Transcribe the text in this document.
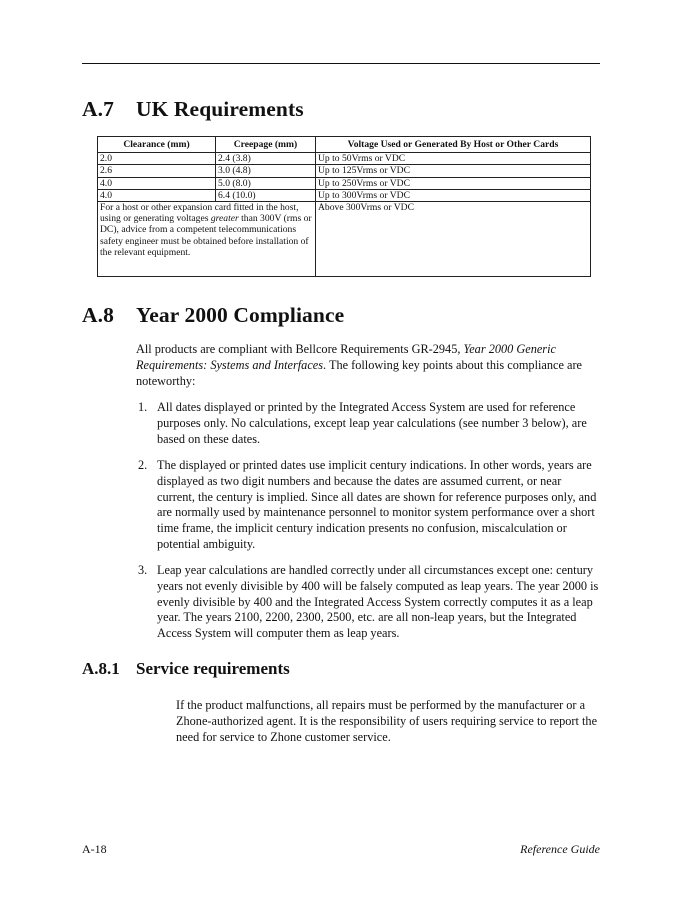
A.7 UK Requirements
Clearance (mm)	Creepage (mm)	Voltage Used or Generated By Host or Other Cards
2.0	2.4 (3.8)	Up to 50Vrms or VDC
2.6	3.0 (4.8)	Up to 125Vrms or VDC
4.0	5.0 (8.0)	Up to 250Vrms or VDC
4.0	6.4 (10.0)	Up to 300Vrms or VDC
For a host or other expansion card fitted in the host, using or generating voltages greater than 300V (rms or DC), advice from a competent telecommunications safety engineer must be obtained before installation of the relevant equipment.		Above 300Vrms or VDC
A.8 Year 2000 Compliance
All products are compliant with Bellcore Requirements GR-2945, Year 2000 Generic Requirements: Systems and Interfaces. The following key points about this compliance are noteworthy:
1. All dates displayed or printed by the Integrated Access System are used for reference purposes only. No calculations, except leap year calculations (see number 3 below), are based on these dates.
2. The displayed or printed dates use implicit century indications. In other words, years are displayed as two digit numbers and because the dates are assumed current, or near current, the century is implied. Since all dates are shown for reference purposes only, and are normally used by maintenance personnel to monitor system performance over a short time frame, the implicit century indication presents no confusion, miscalculation or potential ambiguity.
3. Leap year calculations are handled correctly under all circumstances except one: century years not evenly divisible by 400 will be falsely computed as leap years. The year 2000 is evenly divisible by 400 and the Integrated Access System correctly computes it as a leap year. The years 2100, 2200, 2300, 2500, etc. are all non-leap years, but the Integrated Access System will computer them as leap years.
A.8.1 Service requirements
If the product malfunctions, all repairs must be performed by the manufacturer or a Zhone-authorized agent. It is the responsibility of users requiring service to report the need for service to Zhone customer service.
A-18	Reference Guide
